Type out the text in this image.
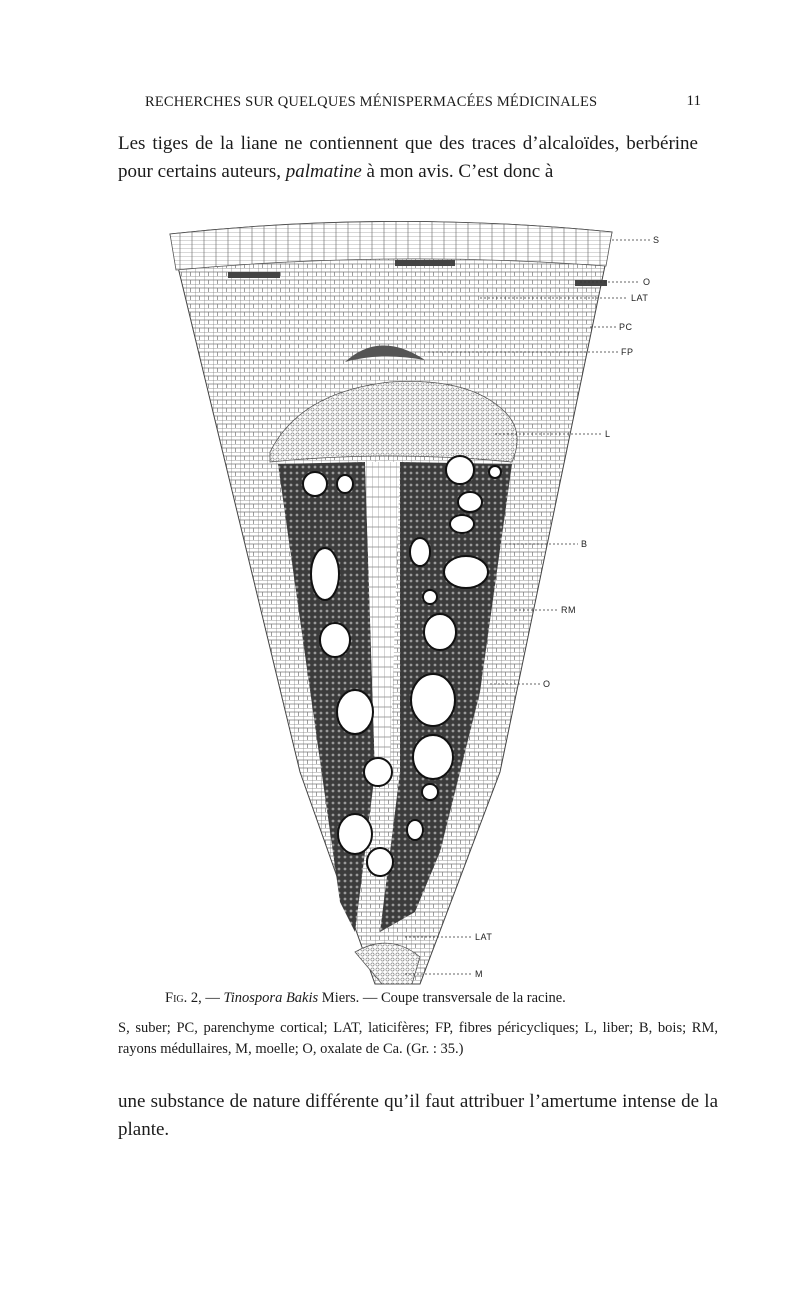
RECHERCHES SUR QUELQUES MÉNISPERMACÉES MÉDICINALES	11

Les tiges de la liane ne contiennent que des traces d’alcaloïdes, berbérine pour certains auteurs, palmatine à mon avis. C’est donc à

S
O
LAT
PC
FP
L
B
RM
O
LAT
M

Fig. 2, — Tinospora Bakis Miers. — Coupe transversale de la racine.

S, suber; PC, parenchyme cortical; LAT, laticifères; FP, fibres péricycliques; L, liber; B, bois; RM, rayons médullaires, M, moelle; O, oxalate de Ca. (Gr. : 35.)

une substance de nature différente qu’il faut attribuer l’amertume intense de la plante.
